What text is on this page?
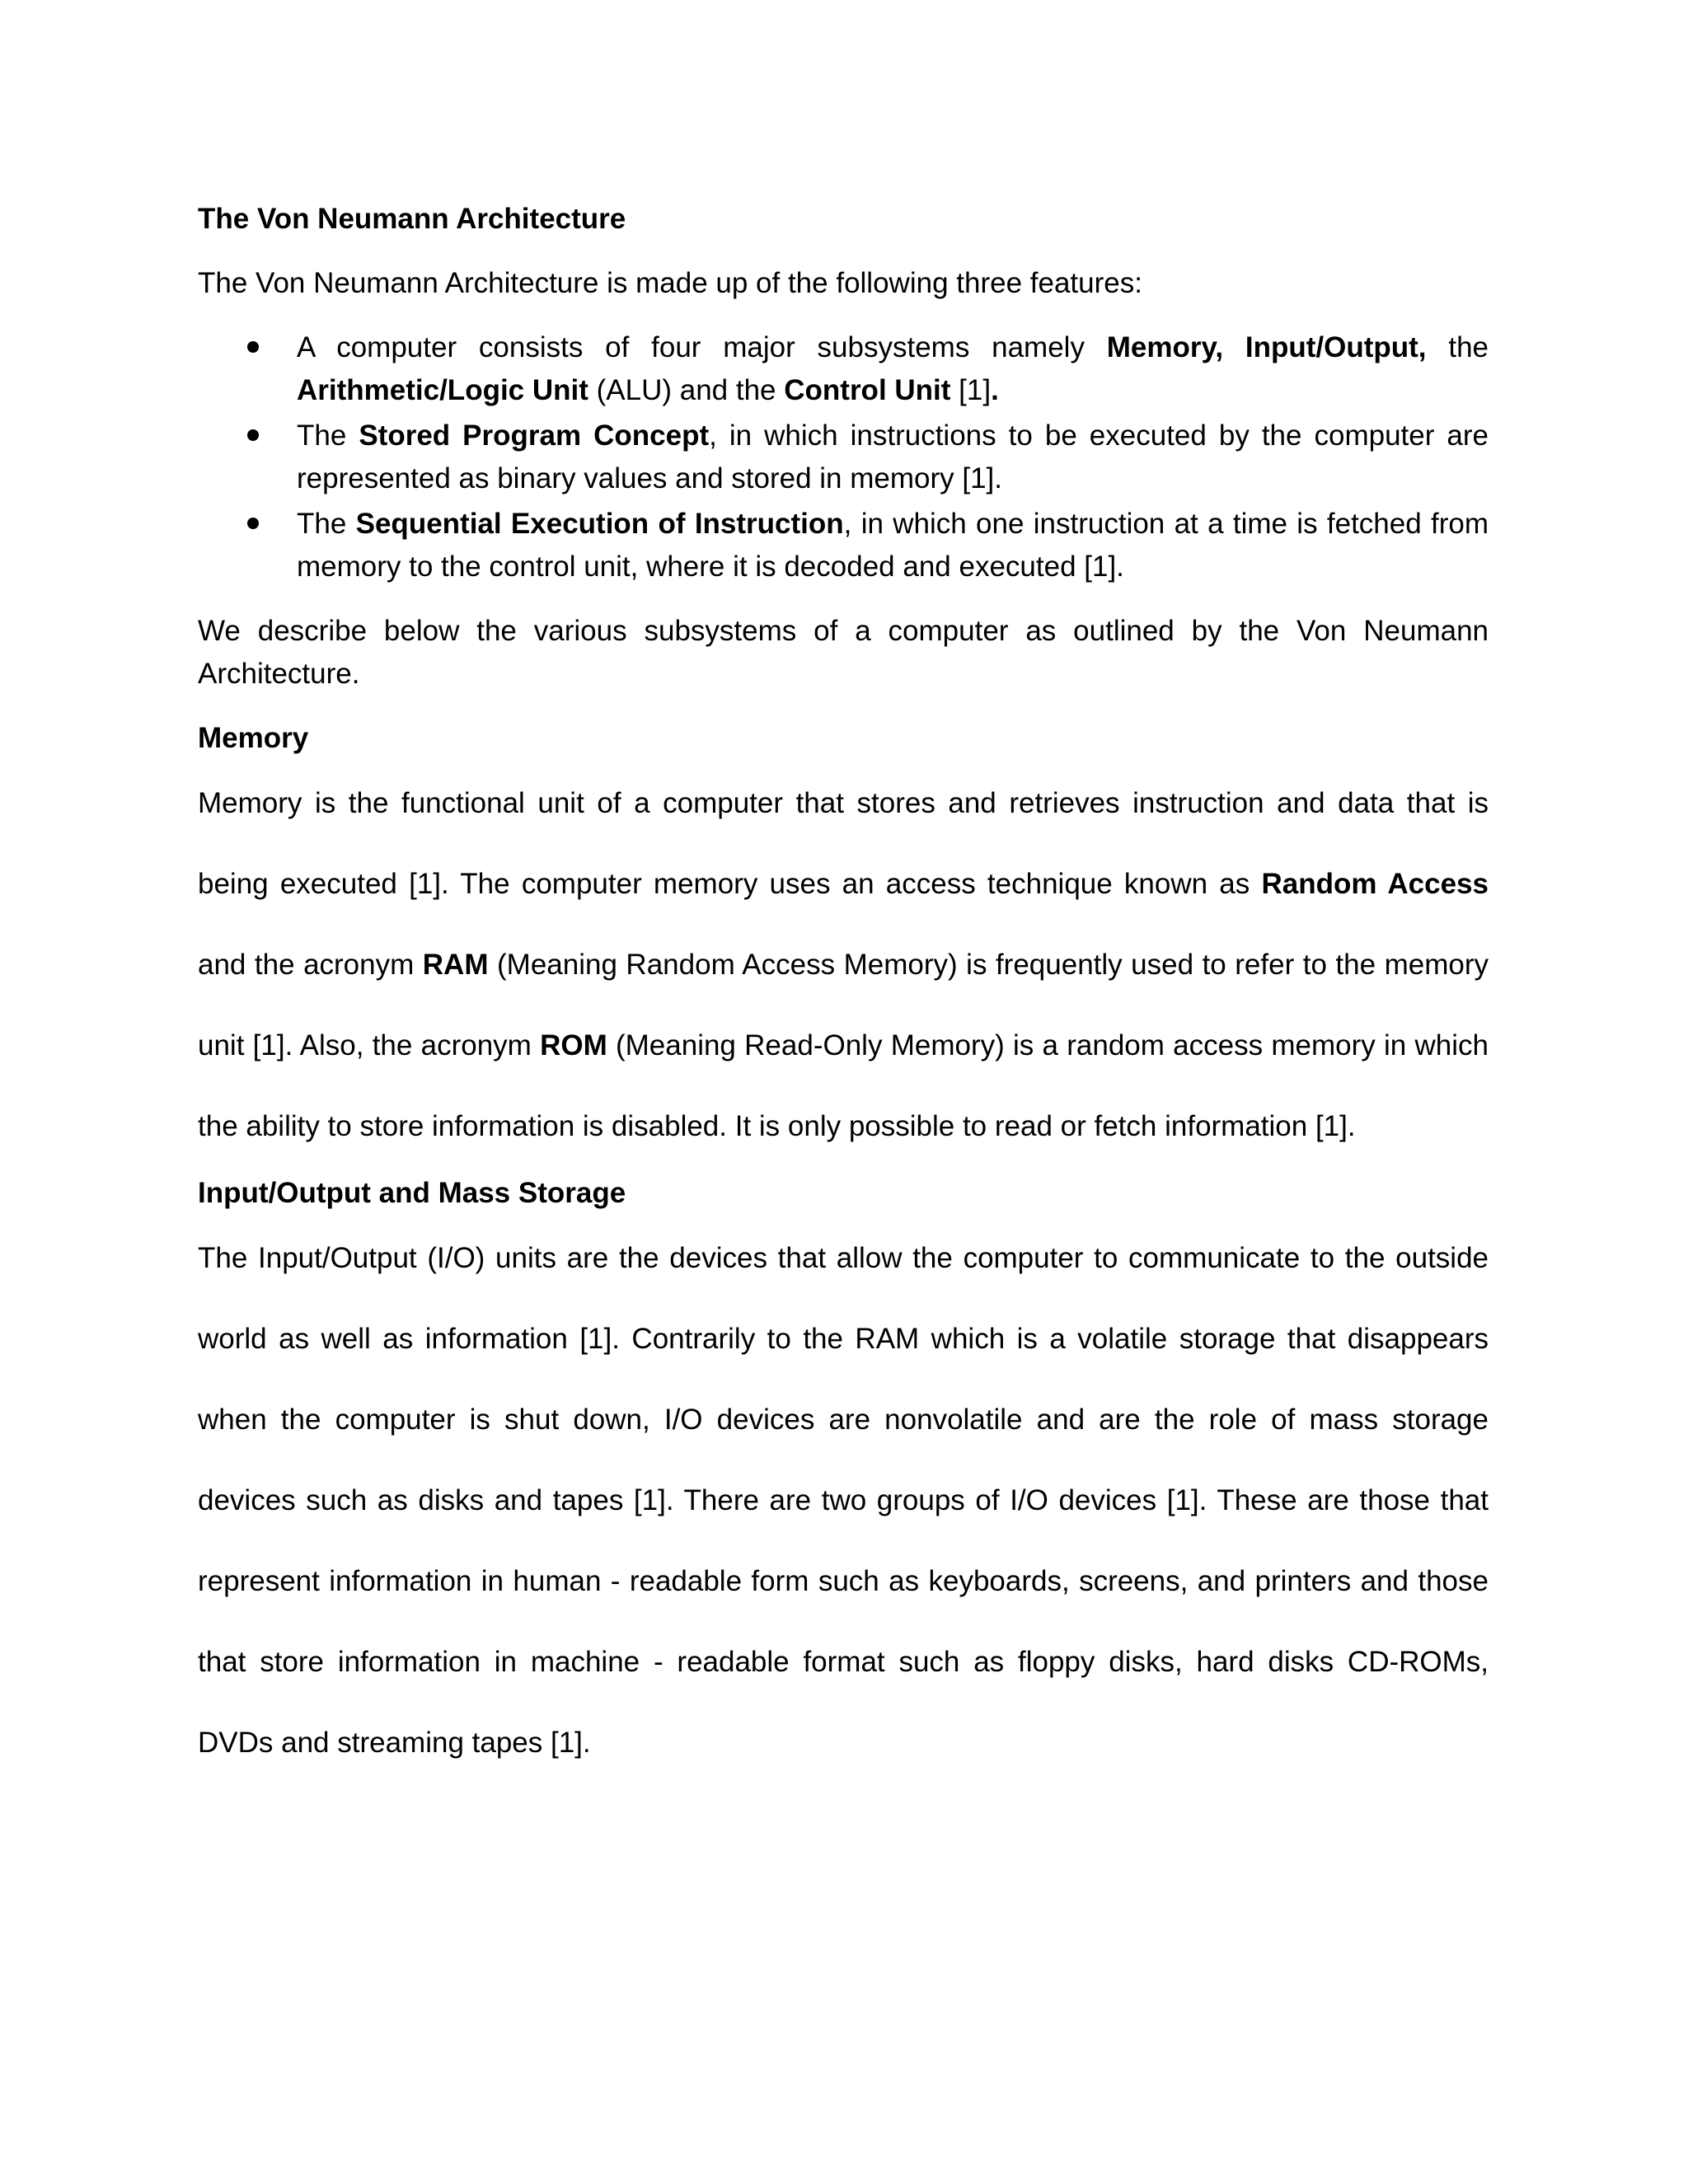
The Von Neumann Architecture

The Von Neumann Architecture is made up of the following three features:

A computer consists of four major subsystems namely Memory, Input/Output, the Arithmetic/Logic Unit (ALU) and the Control Unit [1].
The Stored Program Concept, in which instructions to be executed by the computer are represented as binary values and stored in memory [1].
The Sequential Execution of Instruction, in which one instruction at a time is fetched from memory to the control unit, where it is decoded and executed [1].

We describe below the various subsystems of a computer as outlined by the Von Neumann Architecture.

Memory

Memory is the functional unit of a computer that stores and retrieves instruction and data that is being executed [1]. The computer memory uses an access technique known as Random Access and the acronym RAM (Meaning Random Access Memory) is frequently used to refer to the memory unit [1]. Also, the acronym ROM (Meaning Read-Only Memory) is a random access memory in which the ability to store information is disabled. It is only possible to read or fetch information [1].

Input/Output and Mass Storage

The Input/Output (I/O) units are the devices that allow the computer to communicate to the outside world as well as information [1]. Contrarily to the RAM which is a volatile storage that disappears when the computer is shut down, I/O devices are nonvolatile and are the role of mass storage devices such as disks and tapes [1]. There are two groups of I/O devices [1]. These are those that represent information in human - readable form such as keyboards, screens, and printers and those that store information in machine - readable format such as floppy disks, hard disks CD-ROMs, DVDs and streaming tapes [1].
